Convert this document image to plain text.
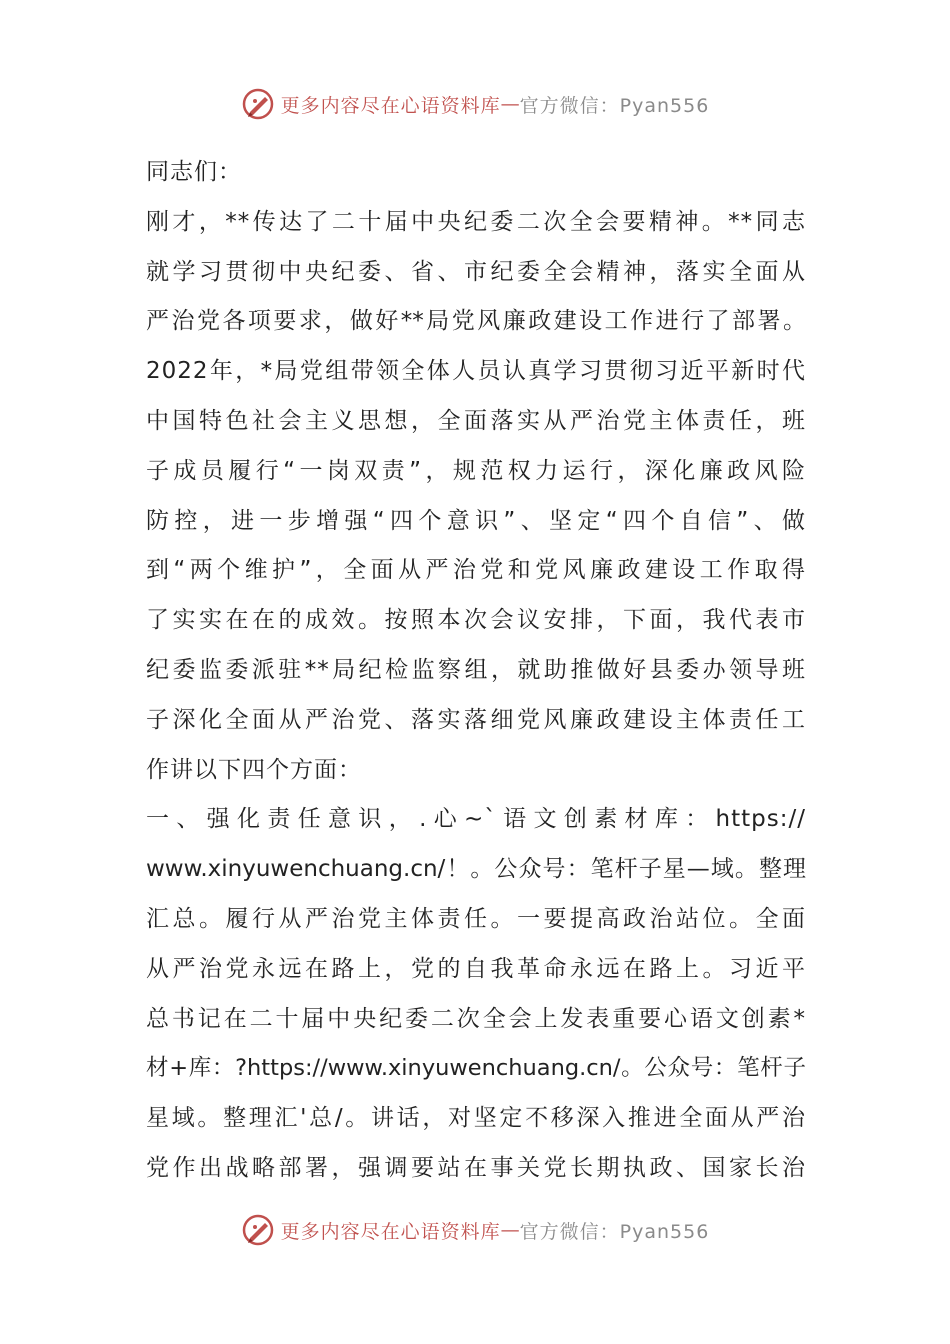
更多内容尽在心语资料库 — 官方微信：Pyan556
同志们：
刚才，**传达了二十届中央纪委二次全会要精神。**同志
就学习贯彻中央纪委、省、市纪委全会精神，落实全面从
严治党各项要求，做好**局党风廉政建设工作进行了部署。
2022年，*局党组带领全体人员认真学习贯彻习近平新时代
中国特色社会主义思想，全面落实从严治党主体责任，班
子成员履行“一岗双责”，规范权力运行，深化廉政风险
防控，进一步增强“四个意识”、坚定“四个自信”、做
到“两个维护”，全面从严治党和党风廉政建设工作取得
了实实在在的成效。按照本次会议安排，下面，我代表市
纪委监委派驻**局纪检监察组，就助推做好县委办领导班
子深化全面从严治党、落实落细党风廉政建设主体责任工
作讲以下四个方面：
一、强化责任意识，.心~`语文创素材库：https://
www.xinyuwenchuang.cn/！。公众号：笔杆子星—域。整理
汇总。履行从严治党主体责任。一要提高政治站位。全面
从严治党永远在路上，党的自我革命永远在路上。习近平
总书记在二十届中央纪委二次全会上发表重要心语文创素*
材+库：?https://www.xinyuwenchuang.cn/。公众号：笔杆子
星域。整理汇'总/。讲话，对坚定不移深入推进全面从严治
党作出战略部署，强调要站在事关党长期执政、国家长治
更多内容尽在心语资料库 — 官方微信：Pyan556
